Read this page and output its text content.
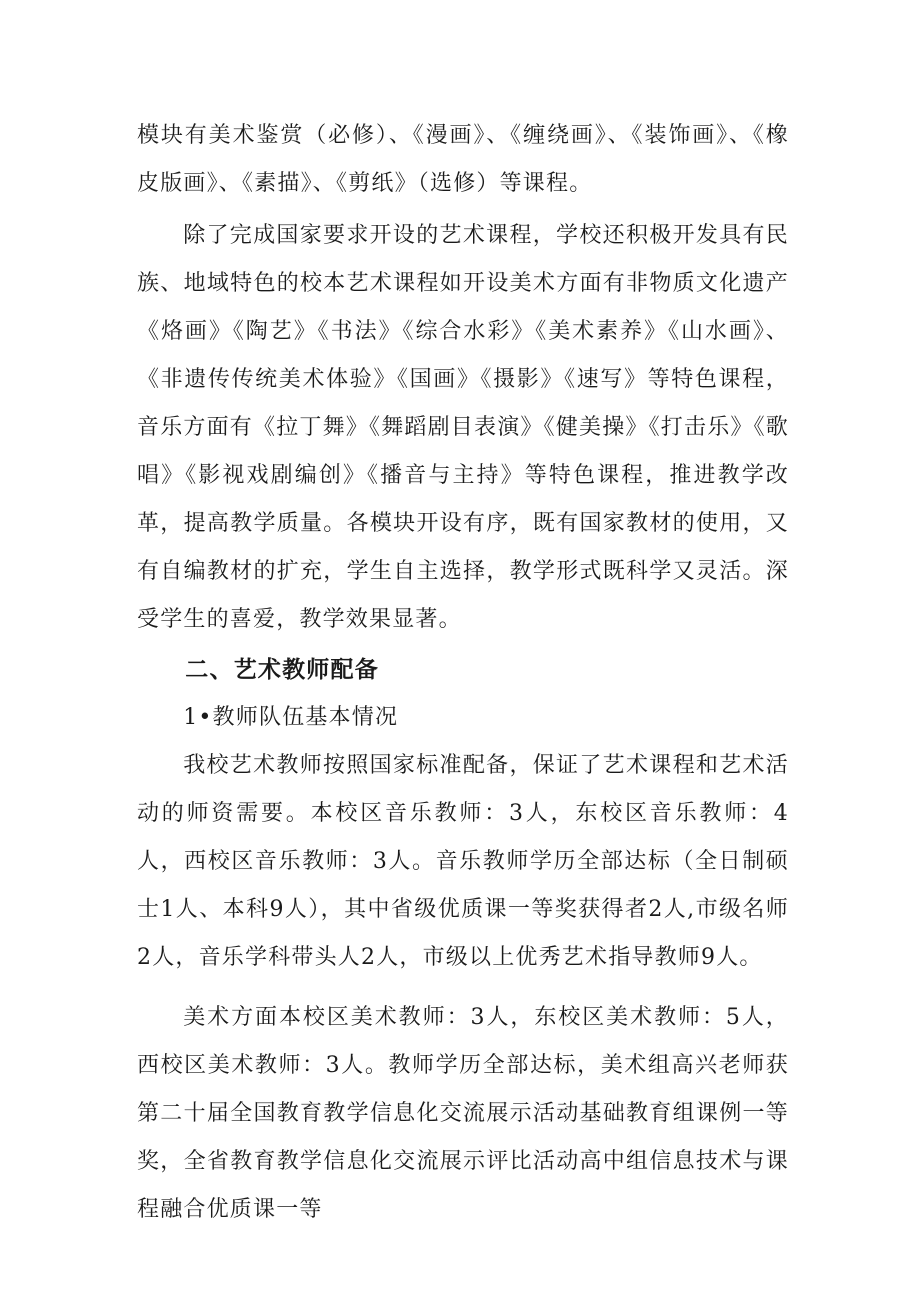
模块有美术鉴赏（必修）、《漫画》、《缠绕画》、《装饰画》、《橡皮版画》、《素描》、《剪纸》（选修）等课程。

除了完成国家要求开设的艺术课程，学校还积极开发具有民族、地域特色的校本艺术课程如开设美术方面有非物质文化遗产《烙画》《陶艺》《书法》《综合水彩》《美术素养》《山水画》、《非遗传传统美术体验》《国画》《摄影》《速写》等特色课程，音乐方面有《拉丁舞》《舞蹈剧目表演》《健美操》《打击乐》《歌唱》《影视戏剧编创》《播音与主持》等特色课程，推进教学改革，提高教学质量。各模块开设有序，既有国家教材的使用，又有自编教材的扩充，学生自主选择，教学形式既科学又灵活。深受学生的喜爱，教学效果显著。

二、艺术教师配备

1•教师队伍基本情况

我校艺术教师按照国家标准配备，保证了艺术课程和艺术活动的师资需要。本校区音乐教师：3人，东校区音乐教师：4人，西校区音乐教师：3人。音乐教师学历全部达标（全日制硕士1人、本科9人），其中省级优质课一等奖获得者2人,市级名师2人，音乐学科带头人2人，市级以上优秀艺术指导教师9人。

美术方面本校区美术教师：3人，东校区美术教师：5人，西校区美术教师：3人。教师学历全部达标，美术组高兴老师获第二十届全国教育教学信息化交流展示活动基础教育组课例一等奖，全省教育教学信息化交流展示评比活动高中组信息技术与课程融合优质课一等
